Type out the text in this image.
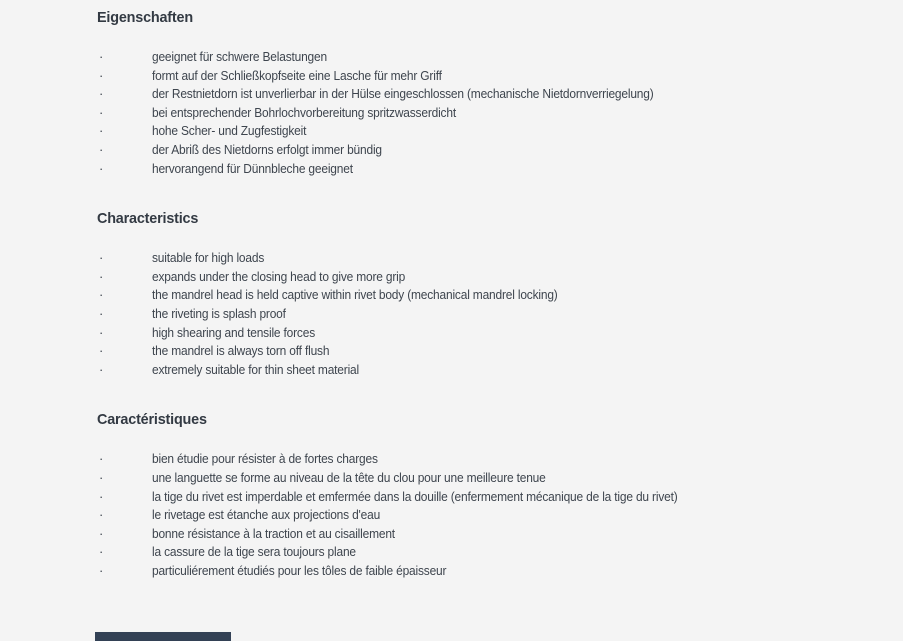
Eigenschaften
·	geeignet für schwere Belastungen
·	formt auf der Schließkopfseite eine Lasche für mehr Griff
·	der Restnietdorn ist unverlierbar in der Hülse eingeschlossen (mechanische Nietdornverriegelung)
·	bei entsprechender Bohrlochvorbereitung spritzwasserdicht
·	hohe Scher- und Zugfestigkeit
·	der Abriß des Nietdorns erfolgt immer bündig
·	hervorangend für Dünnbleche geeignet
Characteristics
·	suitable for high loads
·	expands under the closing head to give more grip
·	the mandrel head is held captive within rivet body (mechanical mandrel locking)
·	the riveting is splash proof
·	high shearing and tensile forces
·	the mandrel is always torn off flush
·	extremely suitable for thin sheet material
Caractéristiques
·	bien étudie pour résister à de fortes charges
·	une languette se forme au niveau de la tête du clou pour une meilleure tenue
·	la tige du rivet est imperdable et emfermée dans la douille (enfermement mécanique de la tige du rivet)
·	le rivetage est étanche aux projections d'eau
·	bonne résistance à la traction et au cisaillement
·	la cassure de la tige sera toujours plane
·	particuliérement étudiés pour les tôles de faible épaisseur
